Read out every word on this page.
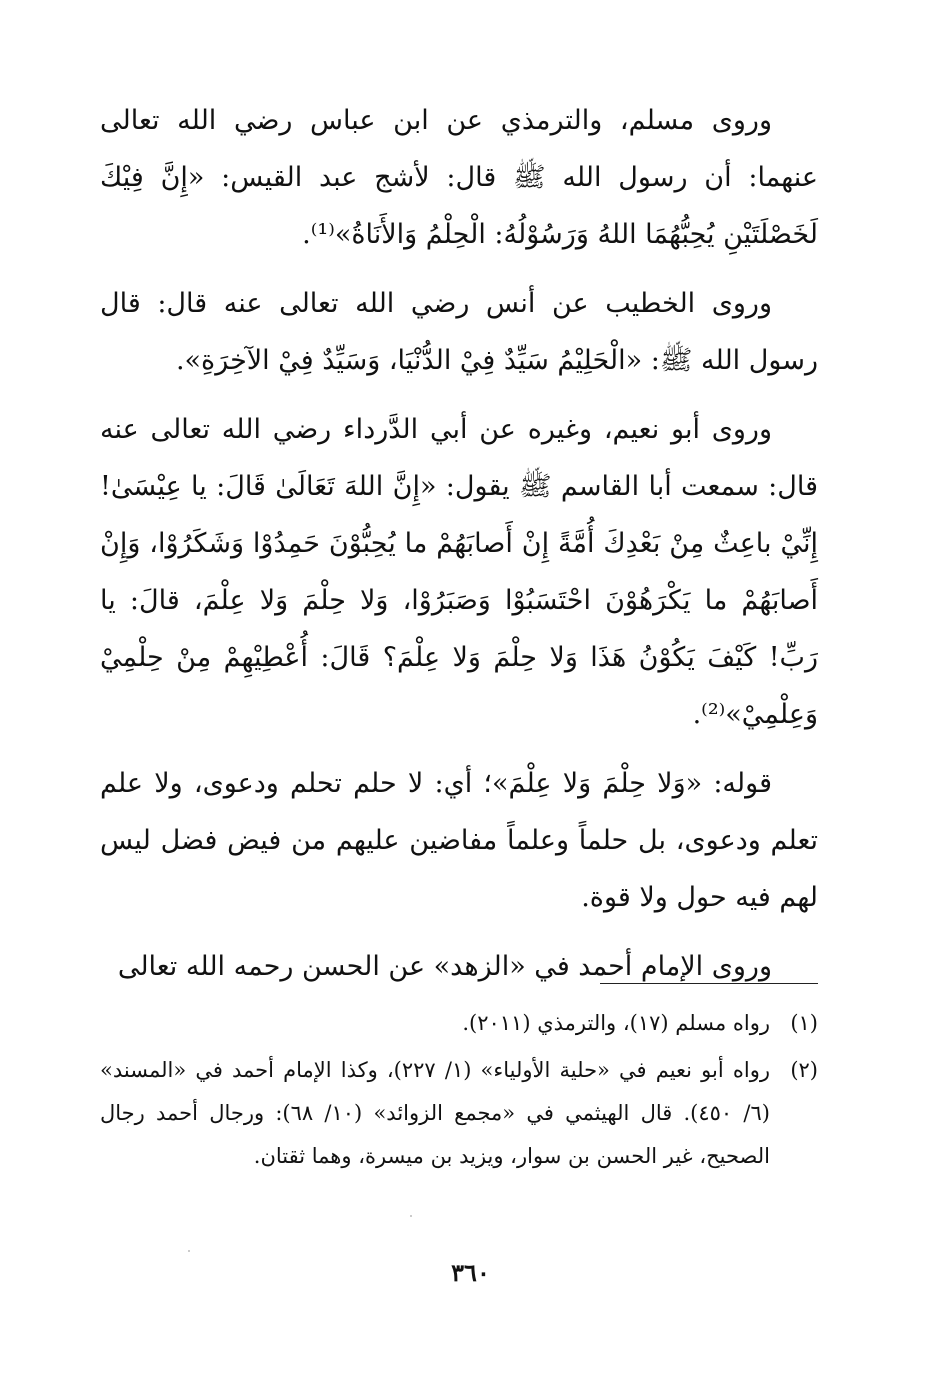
وروى مسلم، والترمذي عن ابن عباس رضي الله تعالى عنهما: أن رسول الله ﷺ قال: لأشج عبد القيس: «إِنَّ فِيْكَ لَخَصْلَتَيْنِ يُحِبُّهُمَا اللهُ وَرَسُوْلُهُ: الْحِلْمُ وَالأَنَاةُ»⁽¹⁾.

وروى الخطيب عن أنس رضي الله تعالى عنه قال: قال رسول الله ﷺ: «الْحَلِيْمُ سَيِّدٌ فِيْ الدُّنْيَا، وَسَيِّدٌ فِيْ الآخِرَةِ».

وروى أبو نعيم، وغيره عن أبي الدَّرداء رضي الله تعالى عنه قال: سمعت أبا القاسم ﷺ يقول: «إِنَّ اللهَ تَعَالَىٰ قَالَ: يا عِيْسَىٰ! إِنِّيْ باعِثٌ مِنْ بَعْدِكَ أُمَّةً إِنْ أَصابَهُمْ ما يُحِبُّوْنَ حَمِدُوْا وَشَكَرُوْا، وَإِنْ أَصابَهُمْ ما يَكْرَهُوْنَ احْتَسَبُوْا وَصَبَرُوْا، وَلا حِلْمَ وَلا عِلْمَ، قالَ: يا رَبِّ! كَيْفَ يَكُوْنُ هَذَا وَلا حِلْمَ وَلا عِلْمَ؟ قَالَ: أُعْطِيْهِمْ مِنْ حِلْمِيْ وَعِلْمِيْ»⁽²⁾.

قوله: «وَلا حِلْمَ وَلا عِلْمَ»؛ أي: لا حلم تحلم ودعوى، ولا علم تعلم ودعوى، بل حلماً وعلماً مفاضين عليهم من فيض فضل ليس لهم فيه حول ولا قوة.

وروى الإمام أحمد في «الزهد» عن الحسن رحمه الله تعالى

(١)
رواه مسلم (١٧)، والترمذي (٢٠١١).
(٢)
رواه أبو نعيم في «حلية الأولياء» (١/ ٢٢٧)، وكذا الإمام أحمد في «المسند» (٦/ ٤٥٠). قال الهيثمي في «مجمع الزوائد» (١٠/ ٦٨): ورجال أحمد رجال الصحيح، غير الحسن بن سوار، ويزيد بن ميسرة، وهما ثقتان.
٣٦٠
